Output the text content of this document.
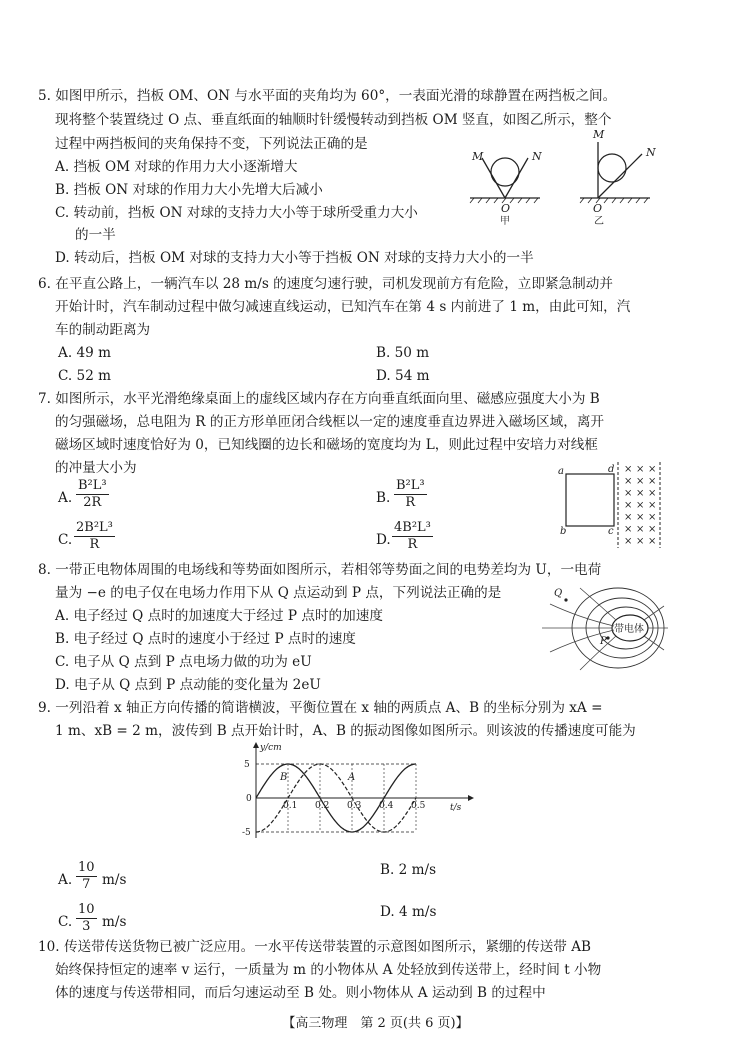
5. 如图甲所示，挡板 OM、ON 与水平面的夹角均为 60°，一表面光滑的球静置在两挡板之间。
现将整个装置绕过 O 点、垂直纸面的轴顺时针缓慢转动到挡板 OM 竖直，如图乙所示，整个
过程中两挡板间的夹角保持不变，下列说法正确的是
A. 挡板 OM 对球的作用力大小逐渐增大
B. 挡板 ON 对球的作用力大小先增大后减小
C. 转动前，挡板 ON 对球的支持力大小等于球所受重力大小
的一半
D. 转动后，挡板 OM 对球的支持力大小等于挡板 ON 对球的支持力大小的一半
M	N
O
甲
M
N
O
乙
6. 在平直公路上，一辆汽车以 28 m/s 的速度匀速行驶，司机发现前方有危险，立即紧急制动并
开始计时，汽车制动过程中做匀减速直线运动，已知汽车在第 4 s 内前进了 1 m，由此可知，汽
车的制动距离为
A. 49 m	B. 50 m
C. 52 m	D. 54 m
7. 如图所示，水平光滑绝缘桌面上的虚线区域内存在方向垂直纸面向里、磁感应强度大小为 B
的匀强磁场，总电阻为 R 的正方形单匝闭合线框以一定的速度垂直边界进入磁场区域，离开
磁场区域时速度恰好为 0，已知线圈的边长和磁场的宽度均为 L，则此过程中安培力对线框
的冲量大小为
A. $\frac{\text{B²L³}}{2R}$	B. $\frac{\text{B²L³}}{R}$
C. $\frac{\text{2B²L³}}{R}$	D. $\frac{\text{4B²L³}}{R}$
a	d
b	c
× × ×
× × ×
× × ×
× × ×
× × ×
× × ×
× × ×
8. 一带正电物体周围的电场线和等势面如图所示，若相邻等势面之间的电势差均为 U，一电荷
量为 −e 的电子仅在电场力作用下从 Q 点运动到 P 点，下列说法正确的是
A. 电子经过 Q 点时的加速度大于经过 P 点时的加速度
B. 电子经过 Q 点时的速度小于经过 P 点时的速度
C. 电子从 Q 点到 P 点电场力做的功为 eU
D. 电子从 Q 点到 P 点动能的变化量为 2eU
带电体
Q
P
9. 一列沿着 x 轴正方向传播的简谐横波，平衡位置在 x 轴的两质点 A、B 的坐标分别为 xA =
1 m、xB = 2 m，波传到 B 点开始计时，A、B 的振动图像如图所示。则该波的传播速度可能为
y/cm
t/s
5
0
-5
0.1 0.2 0.3 0.4 0.5
B	A
A. $\frac{10}{7} m/s$
B. 2 m/s
C. $\frac{10}{3} m/s$
D. 4 m/s
10. 传送带传送货物已被广泛应用。一水平传送带装置的示意图如图所示，紧绷的传送带 AB
始终保持恒定的速率 v 运行，一质量为 m 的小物体从 A 处轻放到传送带上，经时间 t 小物
体的速度与传送带相同，而后匀速运动至 B 处。则小物体从 A 运动到 B 的过程中
【高三物理　第 2 页(共 6 页)】
